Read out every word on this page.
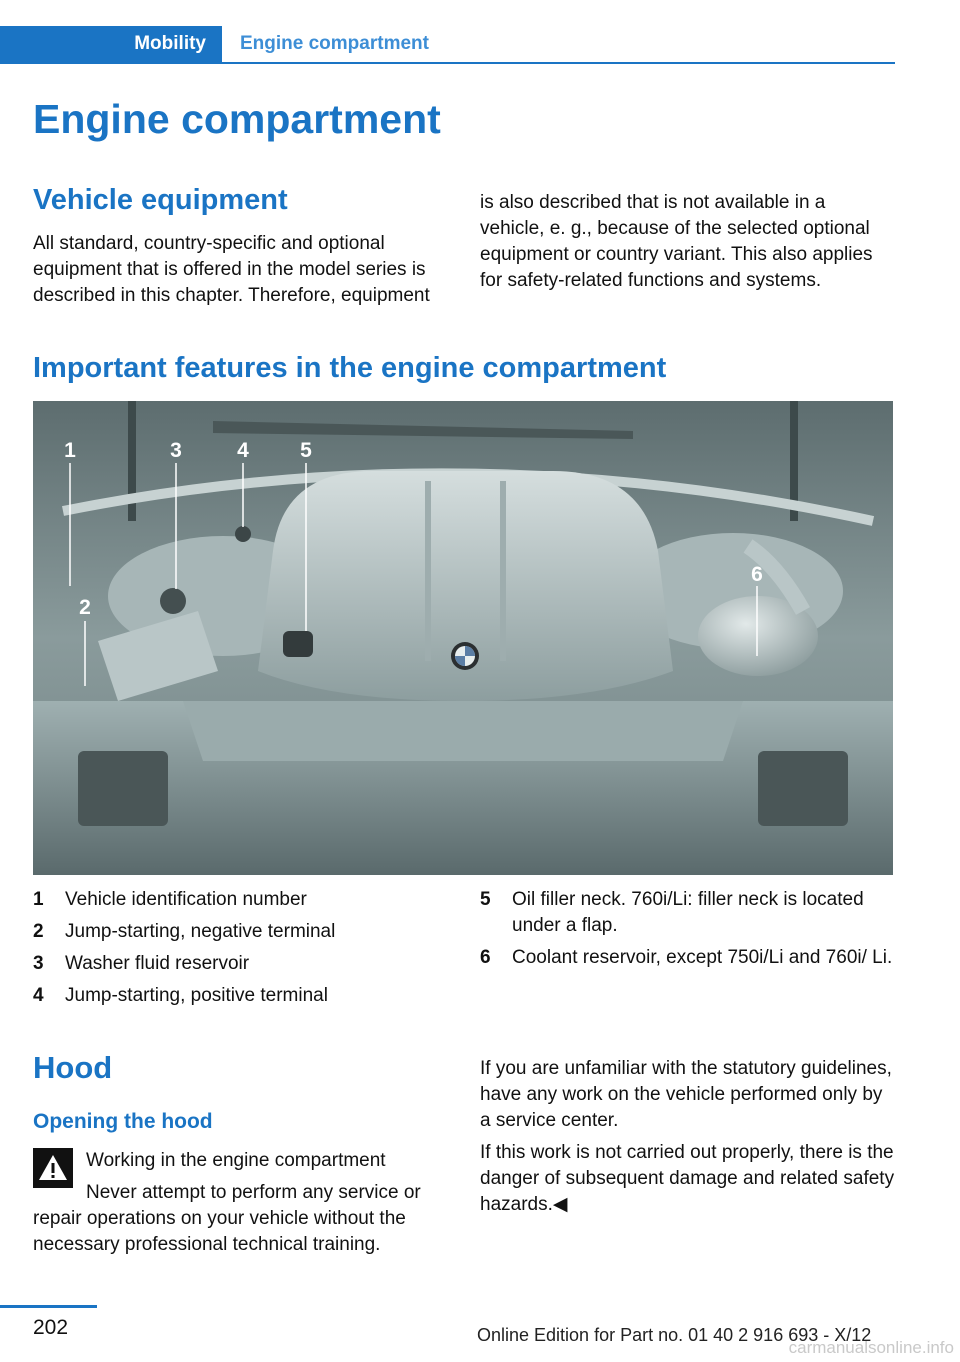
Mobility	Engine compartment
Engine compartment
Vehicle equipment

All standard, country-specific and optional equipment that is offered in the model series is described in this chapter. Therefore, equipment

is also described that is not available in a vehicle, e. g., because of the selected optional equipment or country variant. This also applies for safety-related functions and systems.

Important features in the engine compartment
1
2
3	4 5
6
1 Vehicle identification number
2 Jump-starting, negative terminal
3 Washer fluid reservoir
4 Jump-starting, positive terminal
5 Oil filler neck. 760i/Li: filler neck is located under a flap.
6 Coolant reservoir, except 750i/Li and 760i/ Li.
Hood
Opening the hood
Working in the engine compartment

Never attempt to perform any service or repair operations on your vehicle without the necessary professional technical training.

If you are unfamiliar with the statutory guidelines, have any work on the vehicle performed only by a service center.

If this work is not carried out properly, there is the danger of subsequent damage and related safety hazards.◀

202	Online Edition for Part no. 01 40 2 916 693 - X/12
carmanualsonline.info
